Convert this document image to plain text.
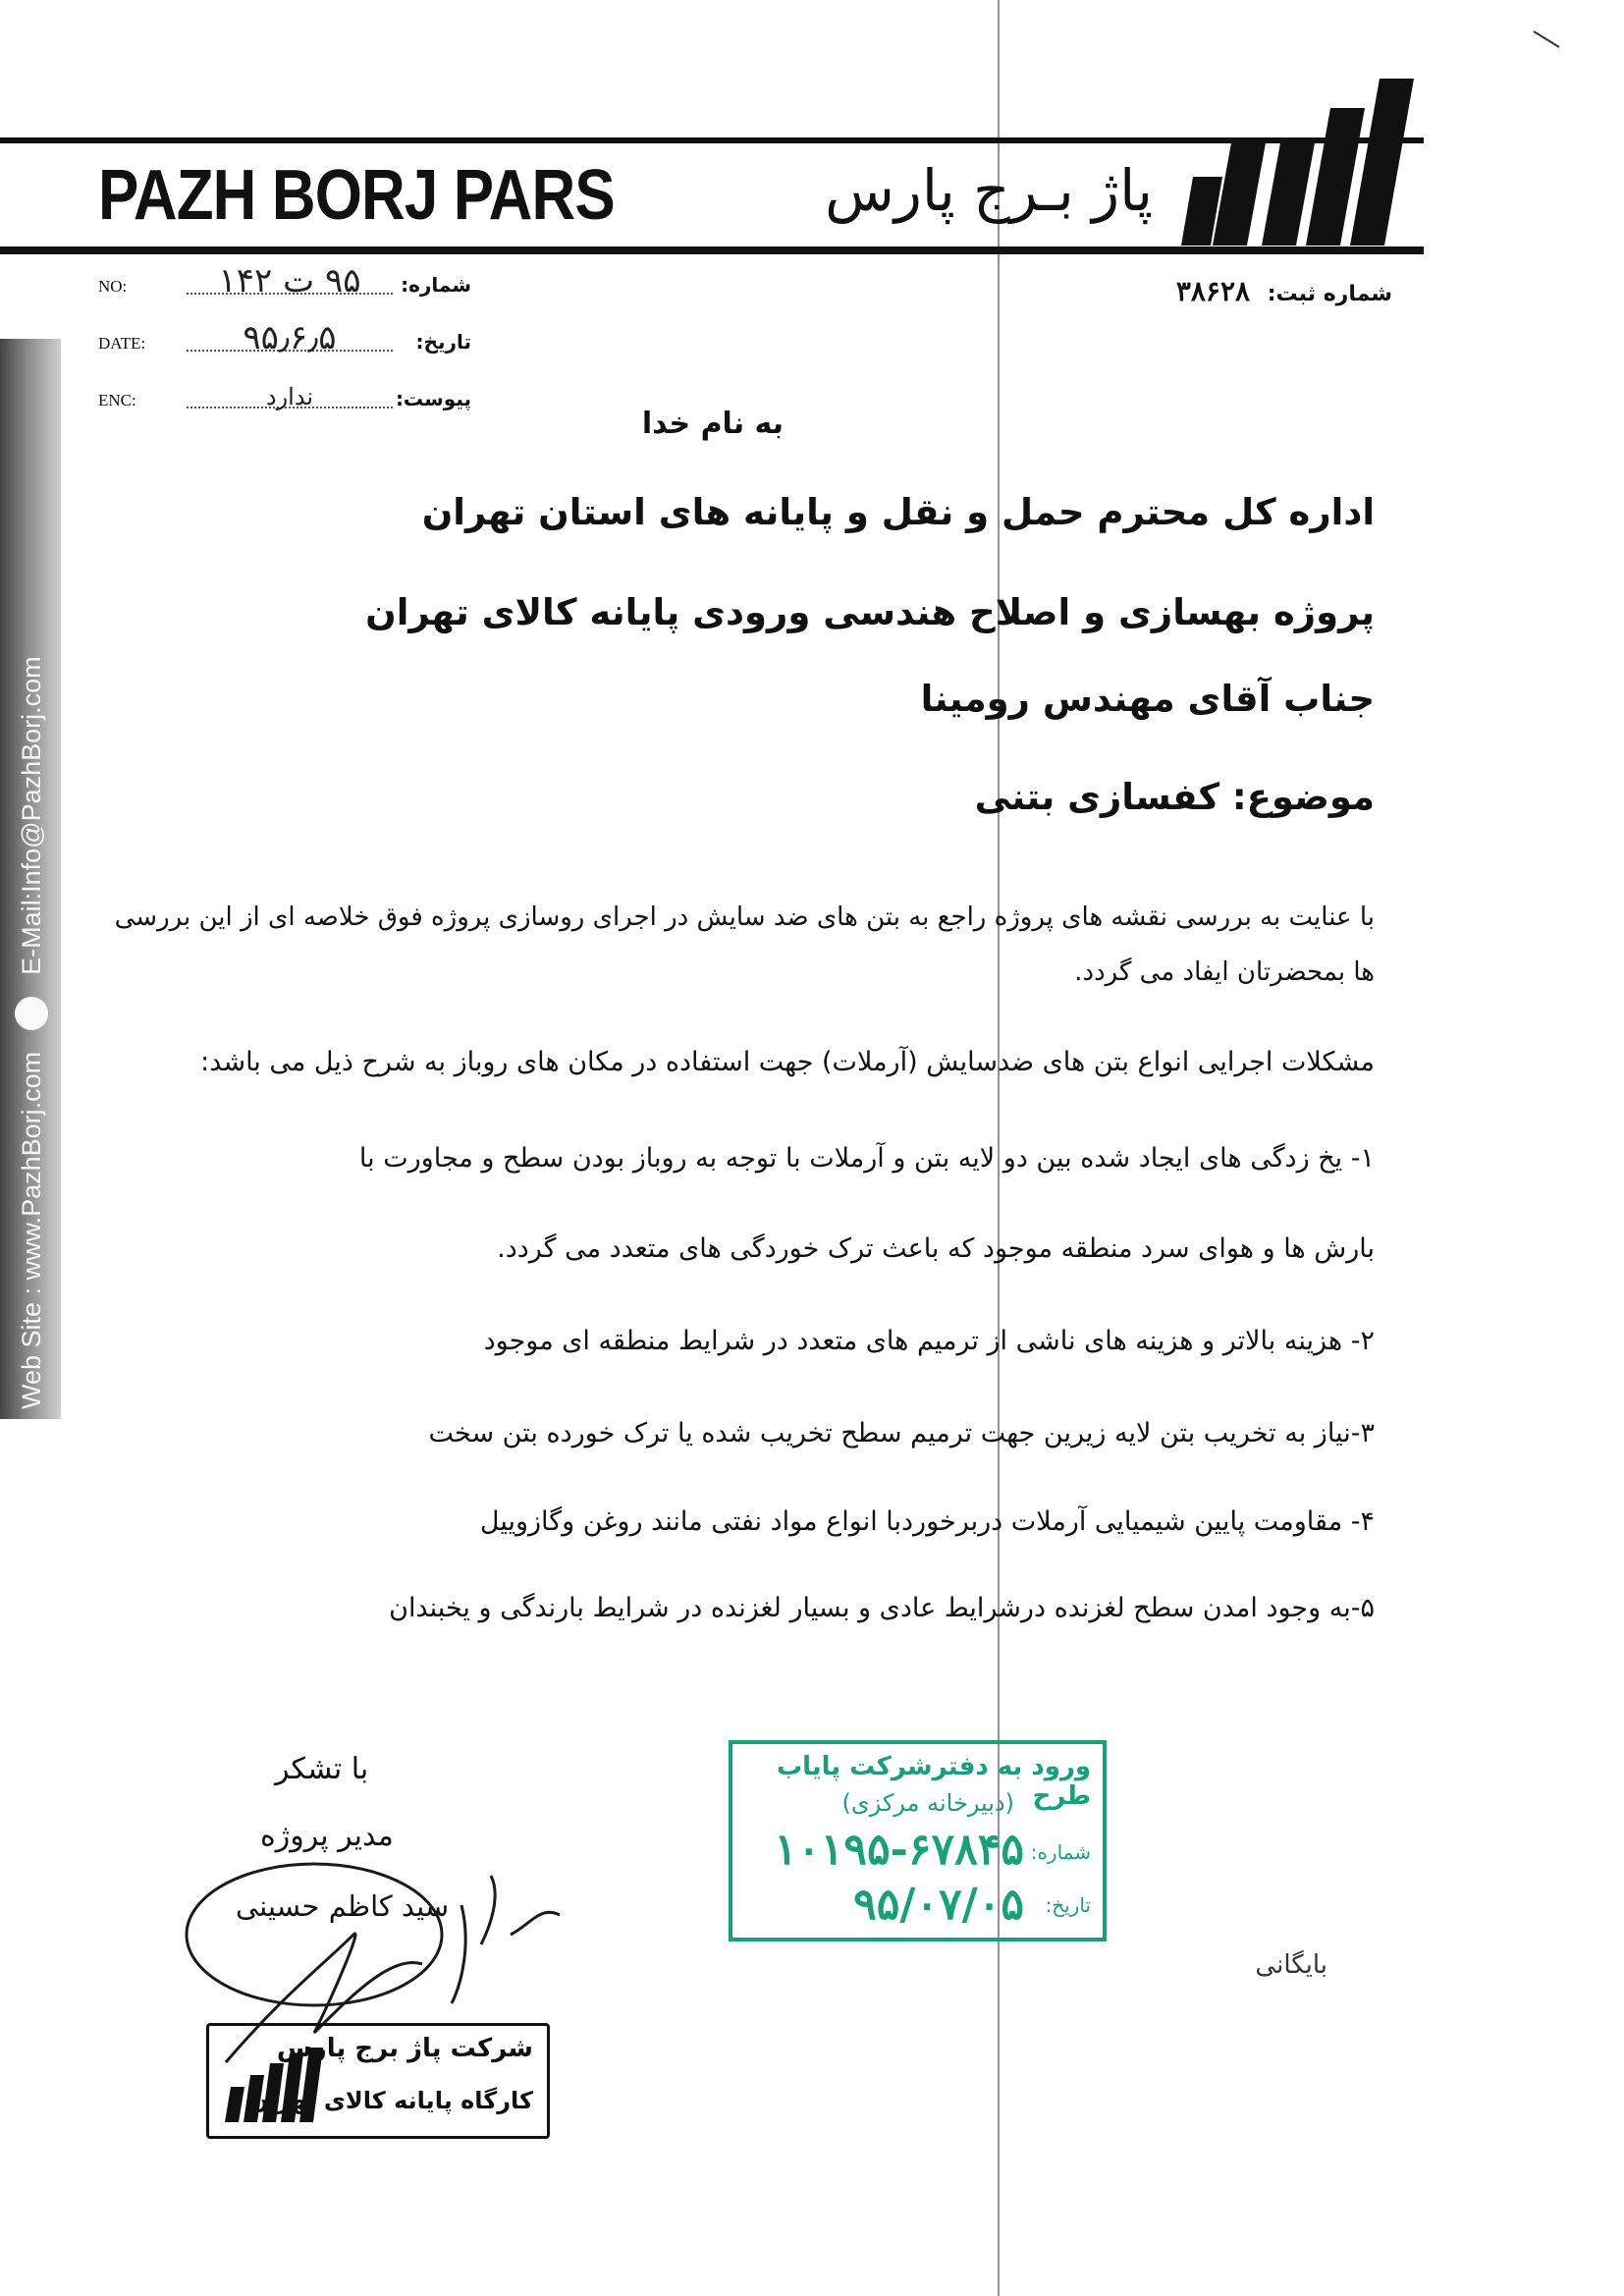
PAZH BORJ PARS	پاژ بـرج پارس
شماره ثبت: ۳۸۶۲۸
NO:	۹۵ ت ۱۴۲	شماره:
DATE:	۹۵٫۶٫۵	تاریخ:
ENC:	ندارد	پیوست:
Web Site : www.PazhBorj.com
E-Mail:Info@PazhBorj.com
به نام خدا
اداره کل محترم حمل و نقل و پایانه های استان تهران
پروژه بهسازی و اصلاح هندسی ورودی پایانه کالای تهران
جناب آقای مهندس رومینا
موضوع: کفسازی بتنی
با عنایت به بررسی نقشه های پروژه راجع به بتن های ضد سایش در اجرای روسازی پروژه فوق خلاصه ای از این بررسی ها بمحضرتان ایفاد می گردد.
مشکلات اجرایی انواع بتن های ضدسایش (آرملات) جهت استفاده در مکان های روباز به شرح ذیل می باشد:
۱- یخ زدگی های ایجاد شده بین دو لایه بتن و آرملات با توجه به روباز بودن سطح و مجاورت با
بارش ها و هوای سرد منطقه موجود که باعث ترک خوردگی های متعدد می گردد.
۲- هزینه بالاتر و هزینه های ناشی از ترمیم های متعدد در شرایط منطقه ای موجود
۳-نیاز به تخریب بتن لایه زیرین جهت ترمیم سطح تخریب شده یا ترک خورده بتن سخت
۴- مقاومت پایین شیمیایی آرملات دربرخوردبا انواع مواد نفتی مانند روغن وگازوییل
۵-به وجود امدن سطح لغزنده درشرایط عادی و بسیار لغزنده در شرایط بارندگی و یخبندان
ورود به دفترشرکت پایاب طرح
(دبیرخانه مرکزی)
شماره:
۱۰۱۹۵-۶۷۸۴۵
تاریخ:
۹۵/۰۷/۰۵
با تشکر
مدیر پروژه
سید کاظم حسینی
بایگانی
شرکت پاژ برج پارس
کارگاه پایانه کالای تهران
